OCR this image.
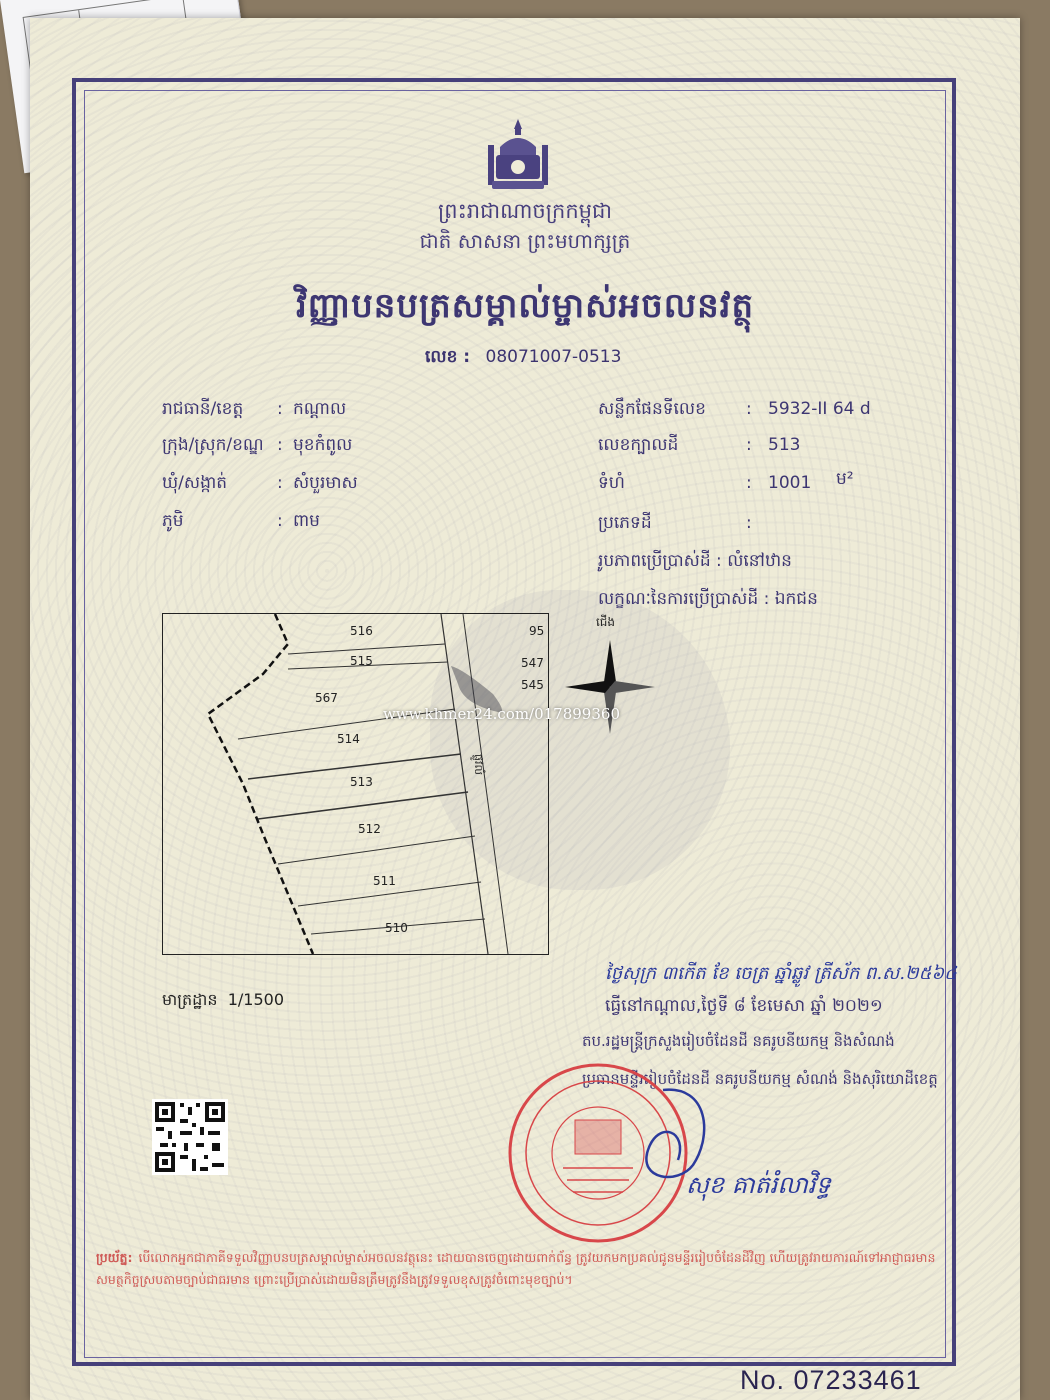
ព្រះរាជាណាចក្រកម្ពុជា
ជាតិ សាសនា ព្រះមហាក្សត្រ
វិញ្ញាបនបត្រសម្គាល់ម្ចាស់អចលនវត្ថុ
លេខ : 08071007-0513
រាជធានី/ខេត្ត : កណ្ដាល
ក្រុង/ស្រុក/ខណ្ឌ : មុខកំពូល
ឃុំ/សង្កាត់	: សំបួរមាស
ភូមិ	: ពាម
សន្លឹកផែនទីលេខ : 5932-II 64 d
លេខក្បាលដី	: 513
ទំហំ	: 1001 ម²
ប្រភេទដី	:
រូបភាពប្រើប្រាស់ដី : លំនៅឋាន
លក្ខណៈនៃការប្រើប្រាស់ដី : ឯកជន
516
515
567
514
513
512
511
510
95
547
545
ផ្លូវលំ
ជើង
www.khmer24.com/017899360
មាត្រដ្ឋាន 1/1500
ថ្ងៃសុក្រ ៣កើត ខែ ចេត្រ ឆ្នាំឆ្លូវ ត្រីស័ក ព.ស.២៥៦៤
ធ្វើនៅកណ្ដាល,ថ្ងៃទី ៨ ខែមេសា ឆ្នាំ ២០២១
តប.រដ្ឋមន្ត្រីក្រសួងរៀបចំដែនដី នគរូបនីយកម្ម និងសំណង់
ប្រធានមន្ទីររៀបចំដែនដី នគរូបនីយកម្ម សំណង់ និងសុរិយោដីខេត្ត
សុខ គាត់រំលាវិទ្ធ
ប្រយ័ត្ន: បើលោកអ្នកជាភាគីទទួលវិញ្ញាបនបត្រសម្គាល់ម្ចាស់អចលនវត្ថុនេះ ដោយបានចេញដោយពាក់ព័ន្ធ ត្រូវយកមកប្រគល់ជូនមន្ទីររៀបចំដែនដីវិញ ហើយត្រូវរាយការណ៍ទៅអាជ្ញាធរមានសមត្ថកិច្ចស្របតាមច្បាប់ជាធរមាន ព្រោះប្រើប្រាស់ដោយមិនត្រឹមត្រូវនឹងត្រូវទទួលខុសត្រូវចំពោះមុខច្បាប់។
No. 07233461
